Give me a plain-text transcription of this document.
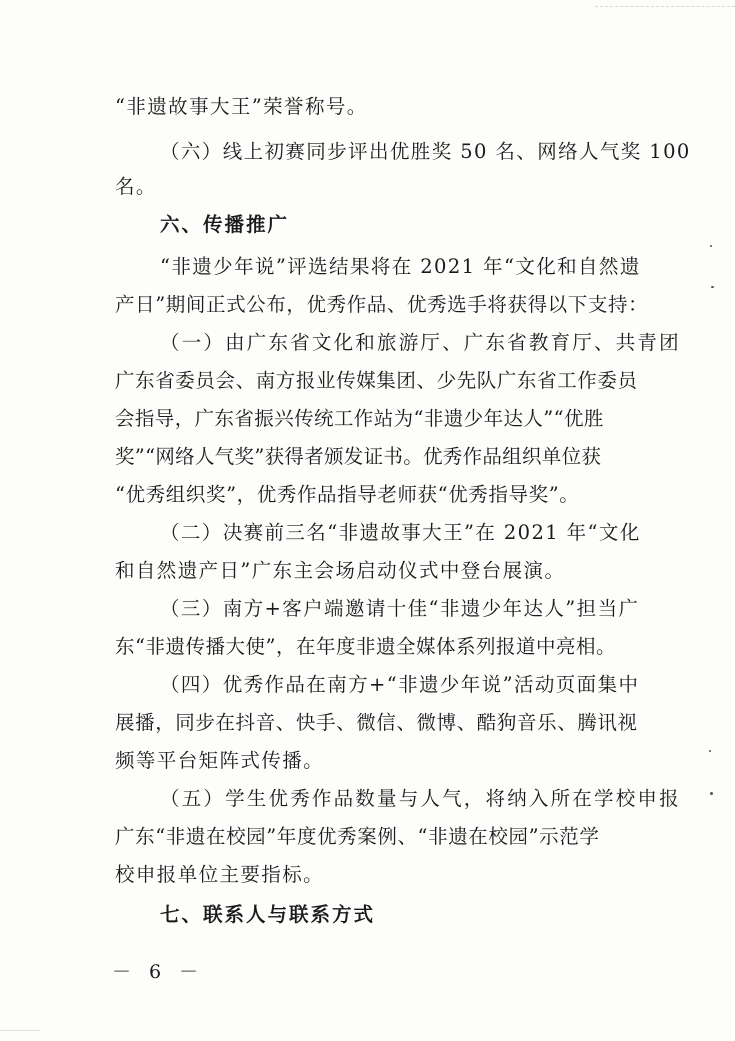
“非遗故事大王”荣誉称号。
（六）线上初赛同步评出优胜奖 50 名、网络人气奖 100
名。
六、传播推广
“非遗少年说”评选结果将在 2021 年“文化和自然遗
产日”期间正式公布，优秀作品、优秀选手将获得以下支持：
（一）由广东省文化和旅游厅、广东省教育厅、共青团
广东省委员会、南方报业传媒集团、少先队广东省工作委员
会指导，广东省振兴传统工作站为“非遗少年达人”“优胜
奖”“网络人气奖”获得者颁发证书。优秀作品组织单位获
“优秀组织奖”，优秀作品指导老师获“优秀指导奖”。
（二）决赛前三名“非遗故事大王”在 2021 年“文化
和自然遗产日”广东主会场启动仪式中登台展演。
（三）南方+客户端邀请十佳“非遗少年达人”担当广
东“非遗传播大使”，在年度非遗全媒体系列报道中亮相。
（四）优秀作品在南方+“非遗少年说”活动页面集中
展播，同步在抖音、快手、微信、微博、酷狗音乐、腾讯视
频等平台矩阵式传播。
（五）学生优秀作品数量与人气，将纳入所在学校申报
广东“非遗在校园”年度优秀案例、“非遗在校园”示范学
校申报单位主要指标。
七、联系人与联系方式
－ 6 －
